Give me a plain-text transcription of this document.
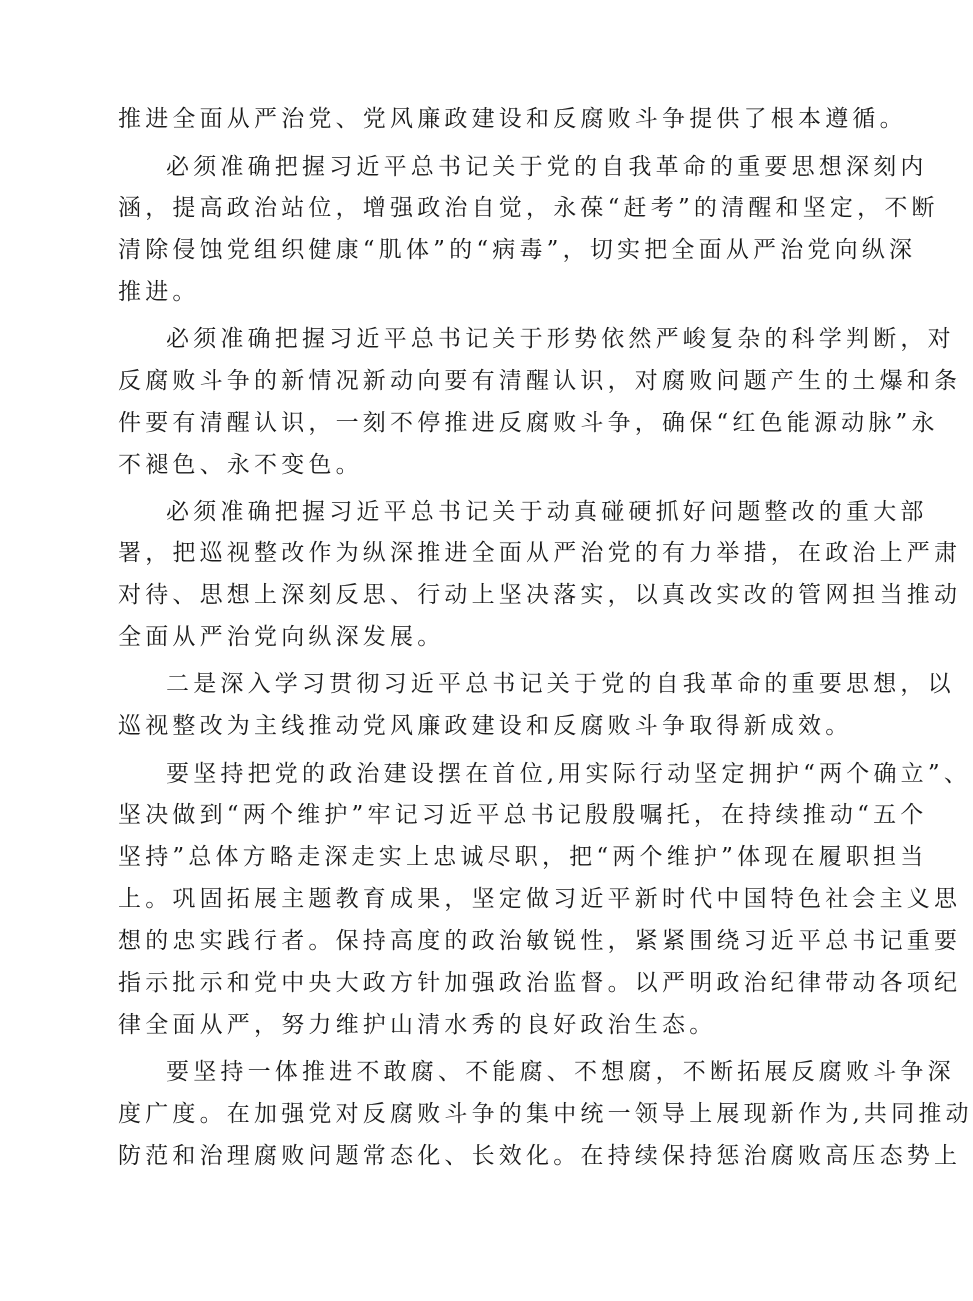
推进全面从严治党、党风廉政建设和反腐败斗争提供了根本遵循。
必须准确把握习近平总书记关于党的自我革命的重要思想深刻内
涵，提高政治站位，增强政治自觉，永葆“赶考”的清醒和坚定，不断
清除侵蚀党组织健康“肌体”的“病毒”，切实把全面从严治党向纵深
推进。
必须准确把握习近平总书记关于形势依然严峻复杂的科学判断，对
反腐败斗争的新情况新动向要有清醒认识，对腐败问题产生的土爆和条
件要有清醒认识，一刻不停推进反腐败斗争，确保“红色能源动脉”永
不褪色、永不变色。
必须准确把握习近平总书记关于动真碰硬抓好问题整改的重大部
署，把巡视整改作为纵深推进全面从严治党的有力举措，在政治上严肃
对待、思想上深刻反思、行动上坚决落实，以真改实改的管网担当推动
全面从严治党向纵深发展。
二是深入学习贯彻习近平总书记关于党的自我革命的重要思想，以
巡视整改为主线推动党风廉政建设和反腐败斗争取得新成效。
要坚持把党的政治建设摆在首位,用实际行动坚定拥护“两个确立”、
坚决做到“两个维护”牢记习近平总书记殷殷嘱托，在持续推动“五个
坚持”总体方略走深走实上忠诚尽职，把“两个维护”体现在履职担当
上。巩固拓展主题教育成果，坚定做习近平新时代中国特色社会主义思
想的忠实践行者。保持高度的政治敏锐性，紧紧围绕习近平总书记重要
指示批示和党中央大政方针加强政治监督。以严明政治纪律带动各项纪
律全面从严，努力维护山清水秀的良好政治生态。
要坚持一体推进不敢腐、不能腐、不想腐，不断拓展反腐败斗争深
度广度。在加强党对反腐败斗争的集中统一领导上展现新作为,共同推动
防范和治理腐败问题常态化、长效化。在持续保持惩治腐败高压态势上
